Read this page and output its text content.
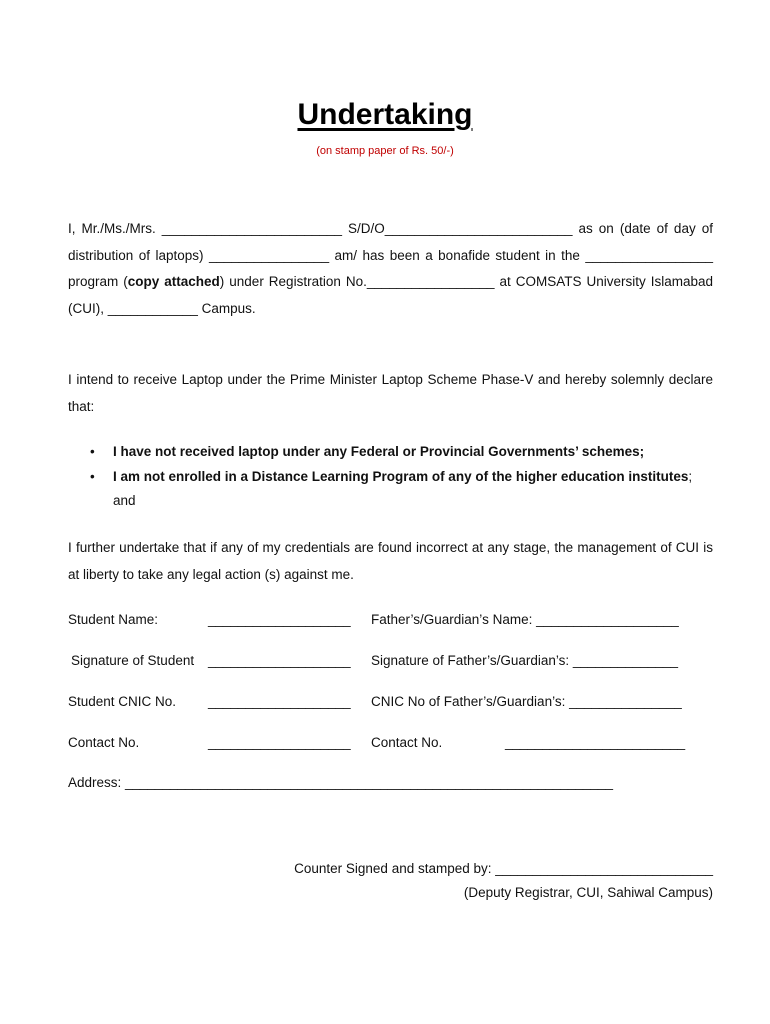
Undertaking
(on stamp paper of Rs. 50/-)
I, Mr./Ms./Mrs. ________________________ S/D/O_________________________ as on (date of day of distribution of laptops) ________________ am/ has been a bonafide student in the _________________ program (copy attached) under Registration No._________________ at COMSATS University Islamabad (CUI), ____________ Campus.
I intend to receive Laptop under the Prime Minister Laptop Scheme Phase-V and hereby solemnly declare that:
• I have not received laptop under any Federal or Provincial Governments’ schemes;
• I am not enrolled in a Distance Learning Program of any of the higher education institutes; and
I further undertake that if any of my credentials are found incorrect at any stage, the management of CUI is at liberty to take any legal action (s) against me.
Student Name:	___________________ Father’s/Guardian’s Name: ___________________
Signature of Student ___________________ Signature of Father’s/Guardian’s: ______________
Student CNIC No. ___________________ CNIC No of Father’s/Guardian’s: _______________
Contact No.	___________________ Contact No.	________________________
Address: _________________________________________________________________
Counter Signed and stamped by: _____________________________
(Deputy Registrar, CUI, Sahiwal Campus)
